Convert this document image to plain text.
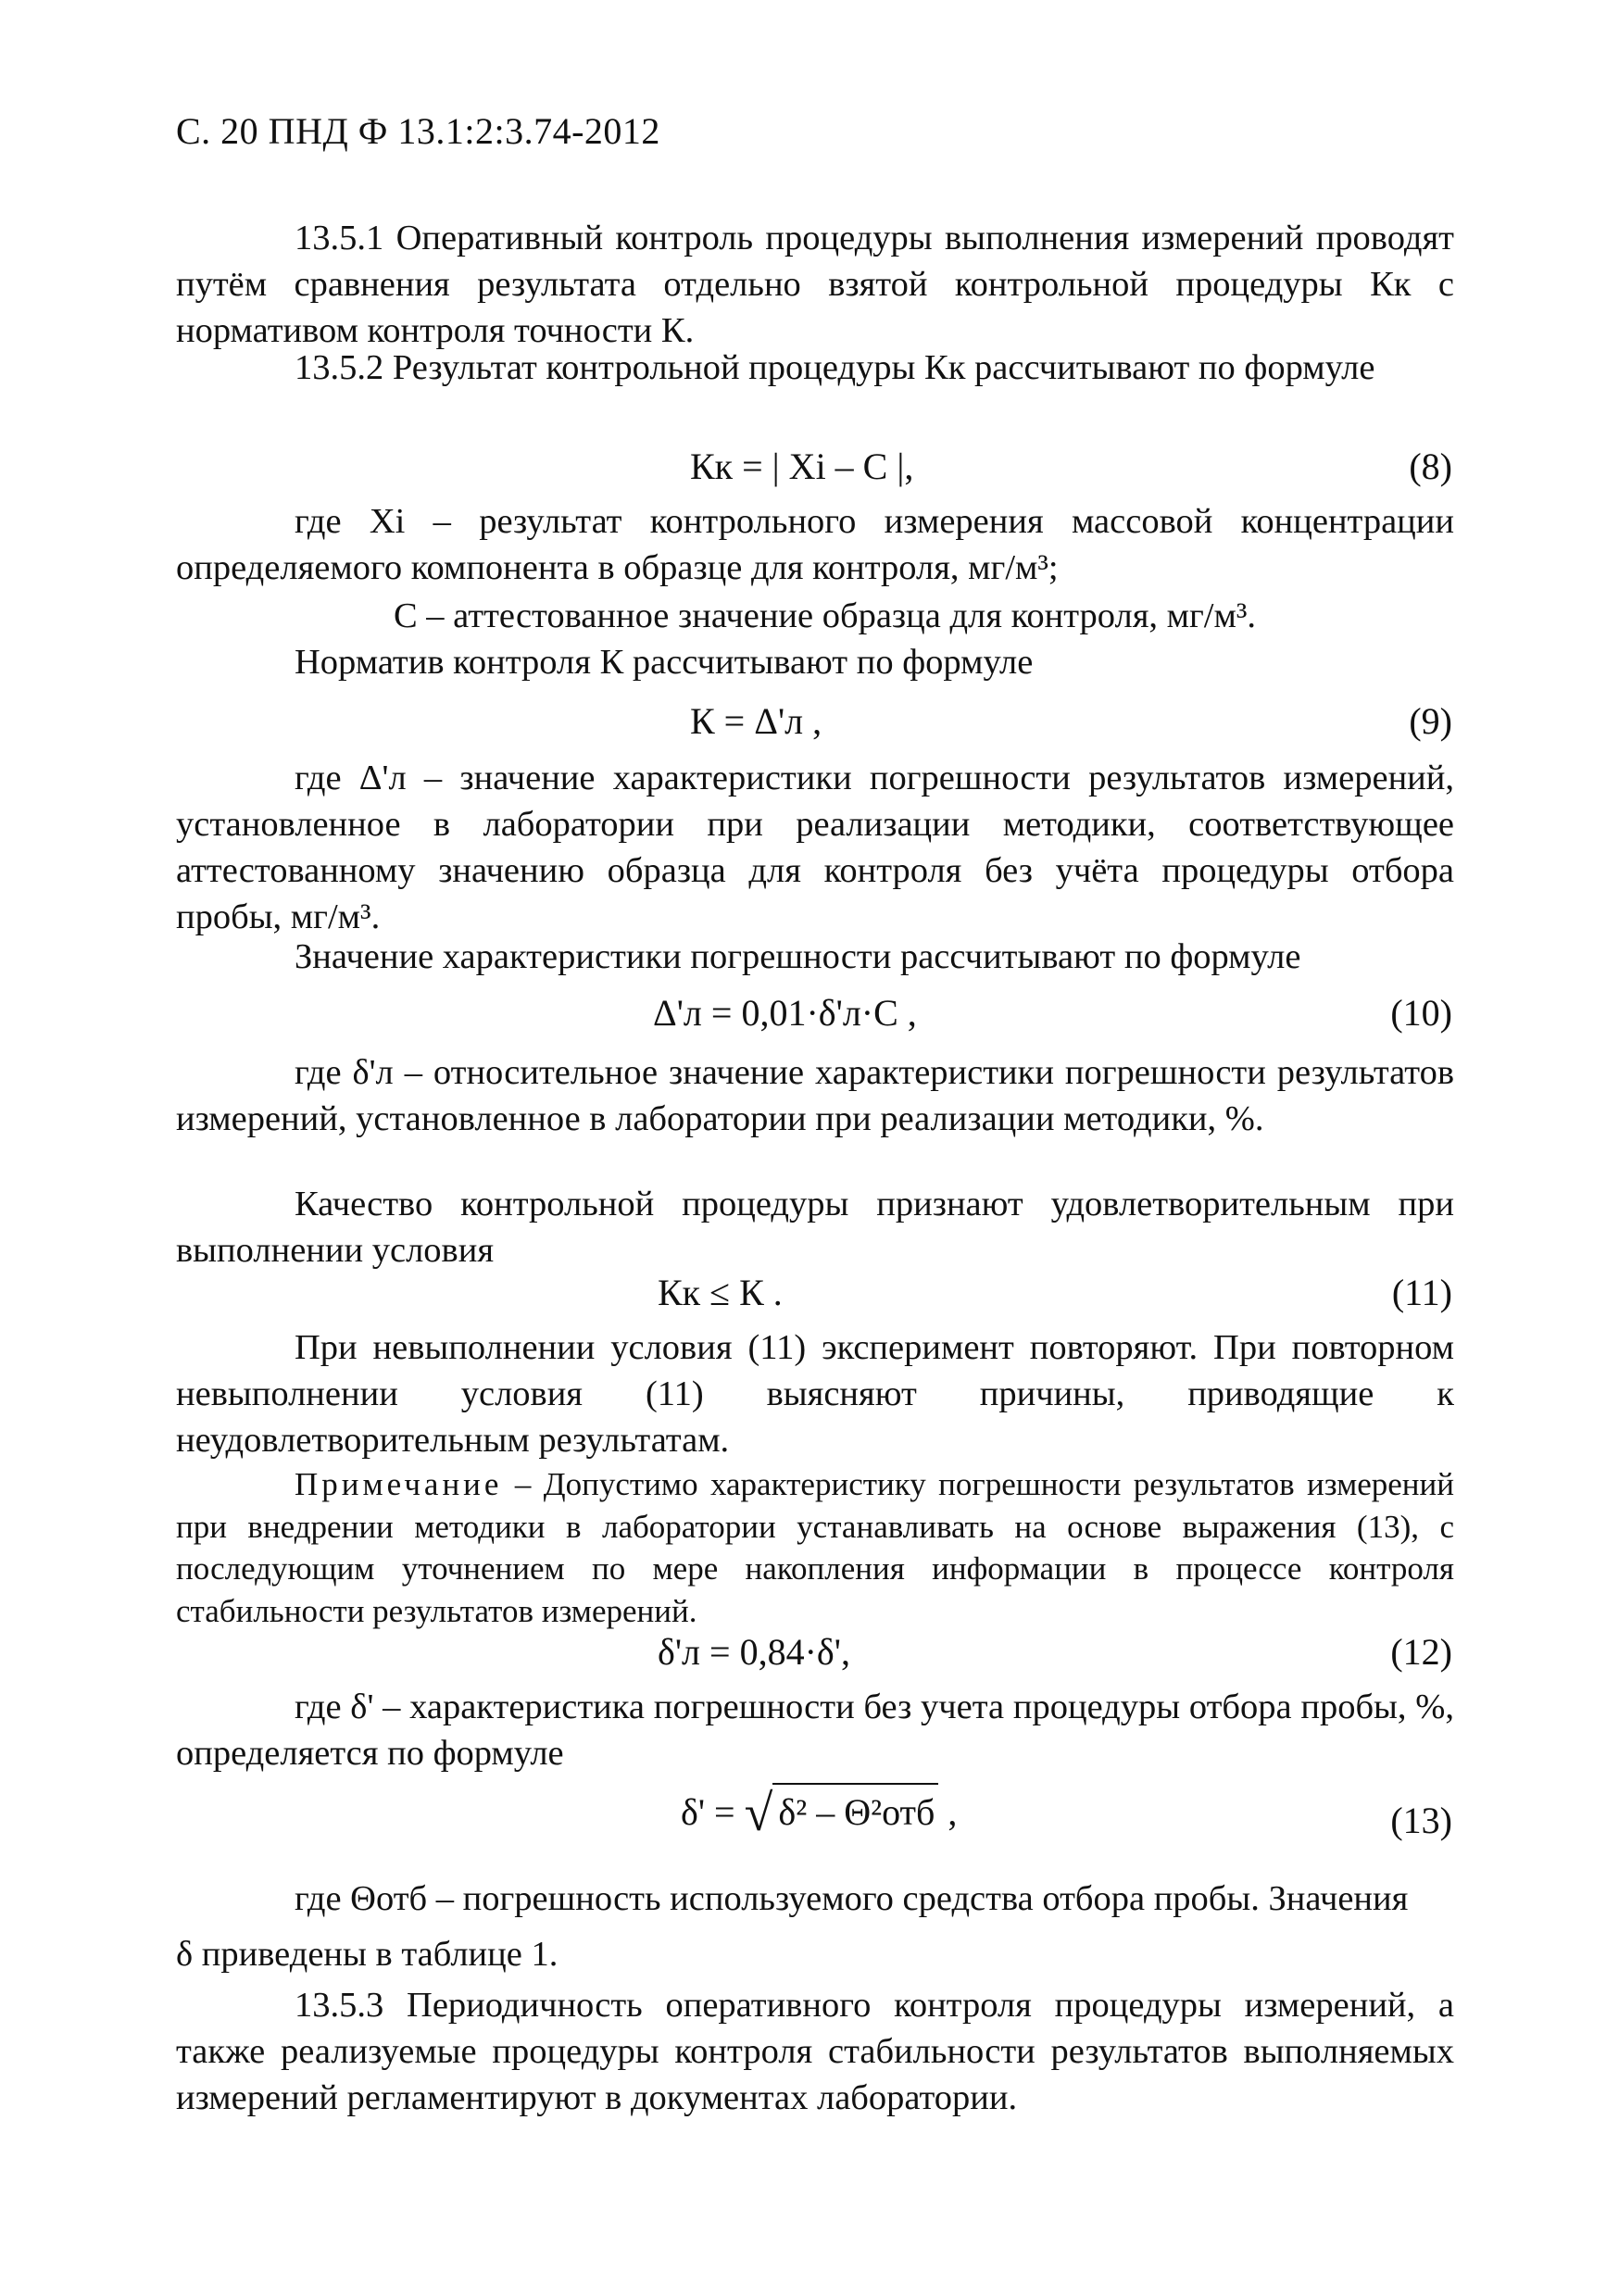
С. 20 ПНД Ф 13.1:2:3.74-2012

13.5.1 Оперативный контроль процедуры выполнения измерений проводят путём сравнения результата отдельно взятой контрольной процедуры Кк с нормативом контроля точности К.

13.5.2 Результат контрольной процедуры Кк рассчитывают по формуле

Кк = | Xi – C |,	(8)

где Xi – результат контрольного измерения массовой концентрации определяемого компонента в образце для контроля, мг/м³;

С – аттестованное значение образца для контроля, мг/м³.

Норматив контроля К рассчитывают по формуле

К = Δ'л ,	(9)

где Δ'л – значение характеристики погрешности результатов измерений, установленное в лаборатории при реализации методики, соответствующее аттестованному значению образца для контроля без учёта процедуры отбора пробы, мг/м³.

Значение характеристики погрешности рассчитывают по формуле

Δ'л = 0,01·δ'л·С ,	(10)

где δ'л – относительное значение характеристики погрешности результатов измерений, установленное в лаборатории при реализации методики, %.

Качество контрольной процедуры признают удовлетворительным при выполнении условия

Кк ≤ К .	(11)

При невыполнении условия (11) эксперимент повторяют. При повторном невыполнении условия (11) выясняют причины, приводящие к неудовлетворительным результатам.

Примечание – Допустимо характеристику погрешности результатов измерений при внедрении методики в лаборатории устанавливать на основе выражения (13), с последующим уточнением по мере накопления информации в процессе контроля стабильности результатов измерений.

δ'л = 0,84·δ',	(12)

где δ' – характеристика погрешности без учета процедуры отбора пробы, %, определяется по формуле

δ' = √ δ² – Θ²отб ,	(13)

где Θотб – погрешность используемого средства отбора пробы. Значения

δ приведены в таблице 1.

13.5.3 Периодичность оперативного контроля процедуры измерений, а также реализуемые процедуры контроля стабильности результатов выполняемых измерений регламентируют в документах лаборатории.
